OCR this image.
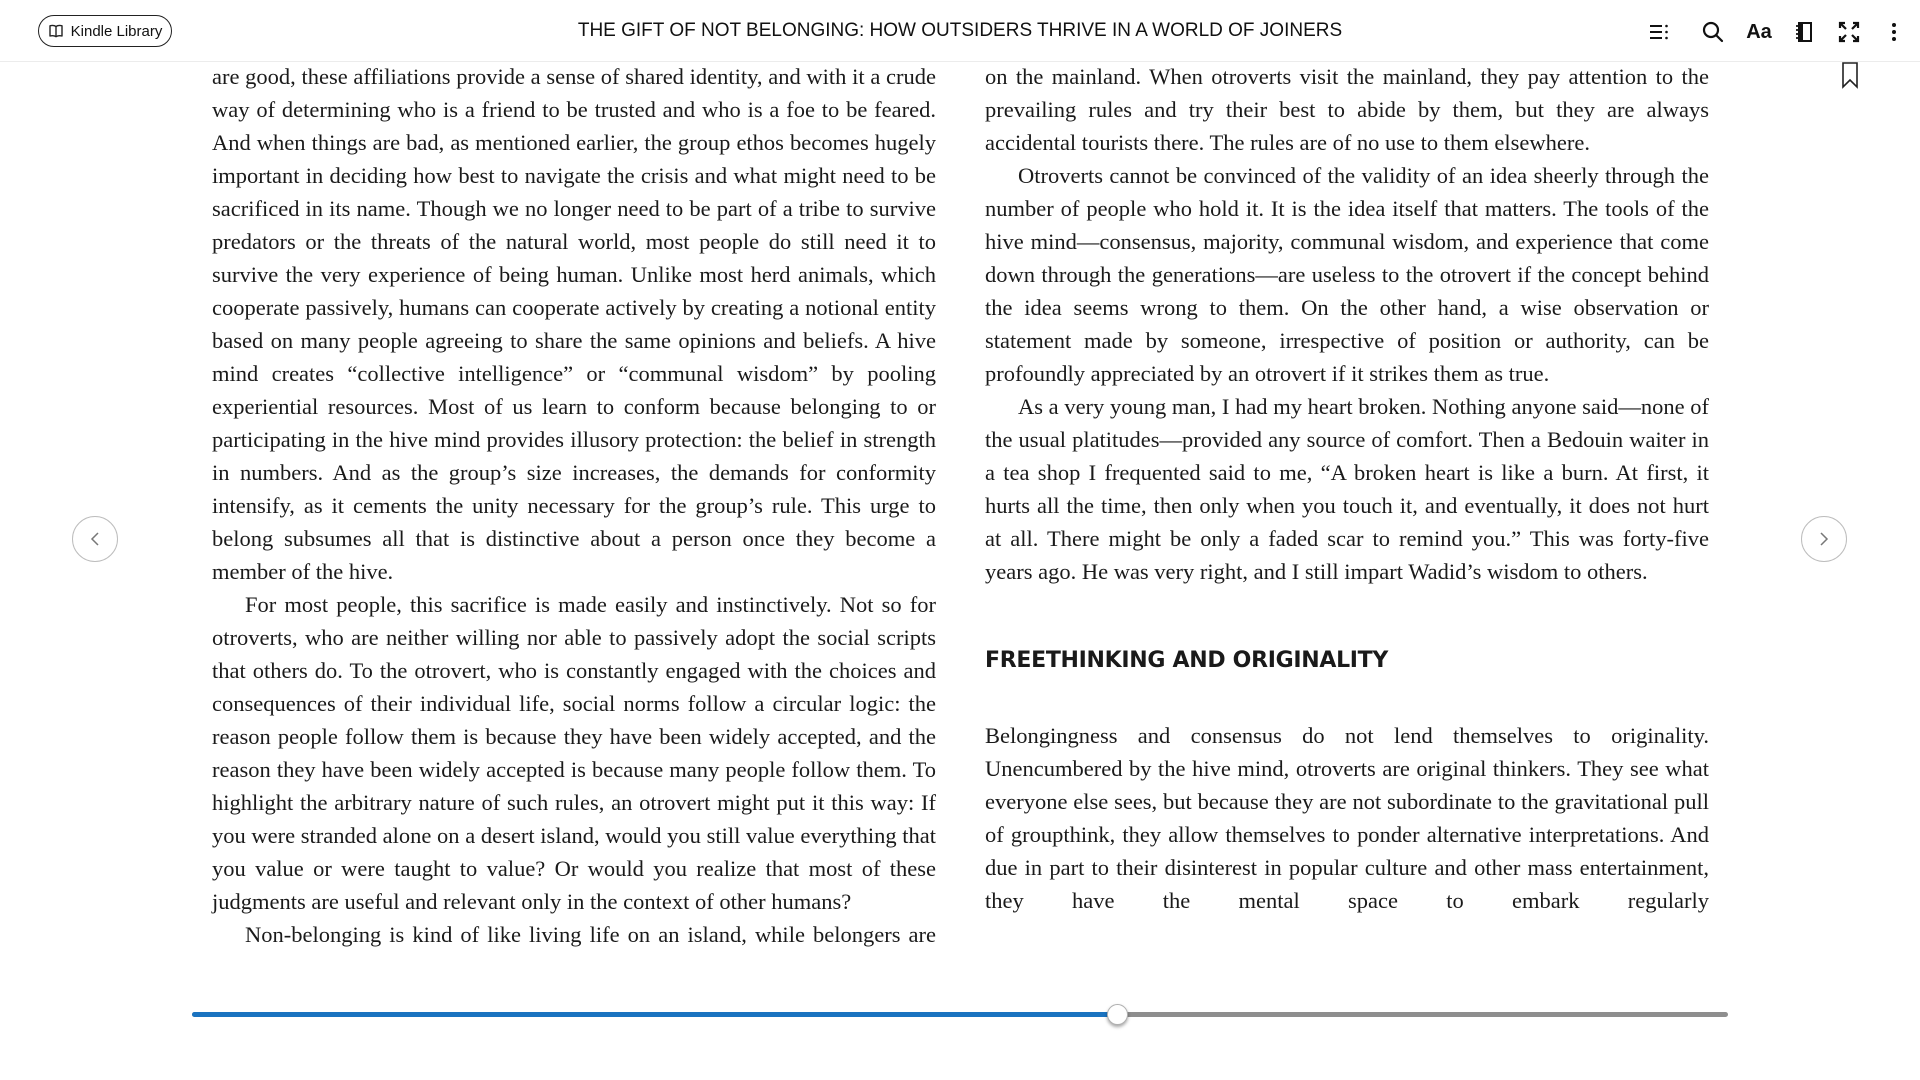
Kindle Library	THE GIFT OF NOT BELONGING: HOW OUTSIDERS THRIVE IN A WORLD OF JOINERS	Aa

are good, these affiliations provide a sense of shared identity, and with it a crude way of determining who is a friend to be trusted and who is a foe to be feared. And when things are bad, as mentioned earlier, the group ethos becomes hugely important in deciding how best to navigate the crisis and what might need to be sacrificed in its name. Though we no longer need to be part of a tribe to survive predators or the threats of the natural world, most people do still need it to survive the very experience of being human. Unlike most herd animals, which cooperate passively, humans can cooperate actively by creating a notional entity based on many people agreeing to share the same opinions and beliefs. A hive mind creates “collective intelligence” or “communal wisdom” by pooling experiential resources. Most of us learn to conform because belonging to or participating in the hive mind provides illusory protection: the belief in strength in numbers. And as the group’s size increases, the demands for conformity intensify, as it cements the unity necessary for the group’s rule. This urge to belong subsumes all that is distinctive about a person once they become a member of the hive.

For most people, this sacrifice is made easily and instinctively. Not so for otroverts, who are neither willing nor able to passively adopt the social scripts that others do. To the otrovert, who is constantly engaged with the choices and consequences of their individual life, social norms follow a circular logic: the reason people follow them is because they have been widely accepted, and the reason they have been widely accepted is because many people follow them. To highlight the arbitrary nature of such rules, an otrovert might put it this way: If you were stranded alone on a desert island, would you still value everything that you value or were taught to value? Or would you realize that most of these judgments are useful and relevant only in the context of other humans?

Non-belonging is kind of like living life on an island, while belongers are

on the mainland. When otroverts visit the mainland, they pay attention to the prevailing rules and try their best to abide by them, but they are always accidental tourists there. The rules are of no use to them elsewhere.

Otroverts cannot be convinced of the validity of an idea sheerly through the number of people who hold it. It is the idea itself that matters. The tools of the hive mind—consensus, majority, communal wisdom, and experience that come down through the generations—are useless to the otrovert if the concept behind the idea seems wrong to them. On the other hand, a wise observation or statement made by someone, irrespective of position or authority, can be profoundly appreciated by an otrovert if it strikes them as true.

As a very young man, I had my heart broken. Nothing anyone said—none of the usual platitudes—provided any source of comfort. Then a Bedouin waiter in a tea shop I frequented said to me, “A broken heart is like a burn. At first, it hurts all the time, then only when you touch it, and eventually, it does not hurt at all. There might be only a faded scar to remind you.” This was forty-five years ago. He was very right, and I still impart Wadid’s wisdom to others.

FREETHINKING AND ORIGINALITY

Belongingness and consensus do not lend themselves to originality. Unencumbered by the hive mind, otroverts are original thinkers. They see what everyone else sees, but because they are not subordinate to the gravitational pull of groupthink, they allow themselves to ponder alternative interpretations. And due in part to their disinterest in popular culture and other mass entertainment, they have the mental space to embark regularly
